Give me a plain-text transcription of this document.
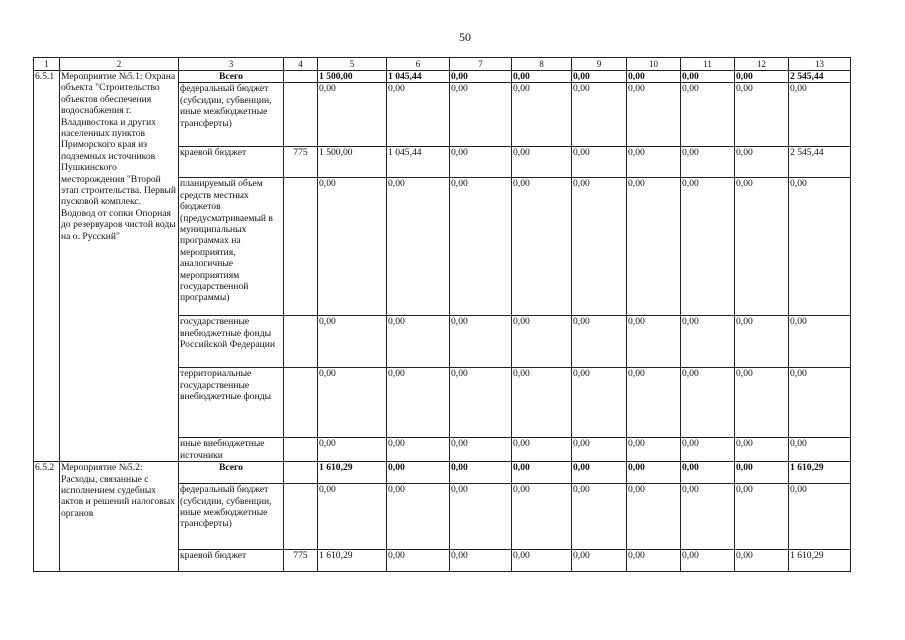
50
1	2	3	4	5	6	7	8	9	10	11	12	13
6.5.1	Мероприятие №5.1: Охрана объекта "Строительство объектов обеспечения водоснабжения г. Владивостока и других населенных пунктов Приморского края из подземных источников Пушкинского месторождения "Второй этап строительства. Первый пусковой комплекс. Водовод от сопки Опорная до резервуаров чистой воды на о. Русский"	Всего		1 500,00	1 045,44	0,00	0,00	0,00	0,00	0,00	0,00	2 545,44
		федеральный бюджет (субсидии, субвенции, иные межбюджетные трансферты)		0,00	0,00	0,00	0,00	0,00	0,00	0,00	0,00	0,00
		краевой бюджет	775	1 500,00	1 045,44	0,00	0,00	0,00	0,00	0,00	0,00	2 545,44
		планируемый объем средств местных бюджетов (предусматриваемый в муниципальных программах на мероприятия, аналогичные мероприятиям государственной программы)		0,00	0,00	0,00	0,00	0,00	0,00	0,00	0,00	0,00
		государственные внебюджетные фонды Российской Федерации		0,00	0,00	0,00	0,00	0,00	0,00	0,00	0,00	0,00
		территориальные государственные внебюджетные фонды		0,00	0,00	0,00	0,00	0,00	0,00	0,00	0,00	0,00
		иные внебюджетные источники		0,00	0,00	0,00	0,00	0,00	0,00	0,00	0,00	0,00
6.5.2	Мероприятие №5.2: Расходы, связанные с исполнением судебных актов и решений налоговых органов	Всего		1 610,29	0,00	0,00	0,00	0,00	0,00	0,00	0,00	1 610,29
		федеральный бюджет (субсидии, субвенции, иные межбюджетные трансферты)		0,00	0,00	0,00	0,00	0,00	0,00	0,00	0,00	0,00
		краевой бюджет	775	1 610,29	0,00	0,00	0,00	0,00	0,00	0,00	0,00	1 610,29
